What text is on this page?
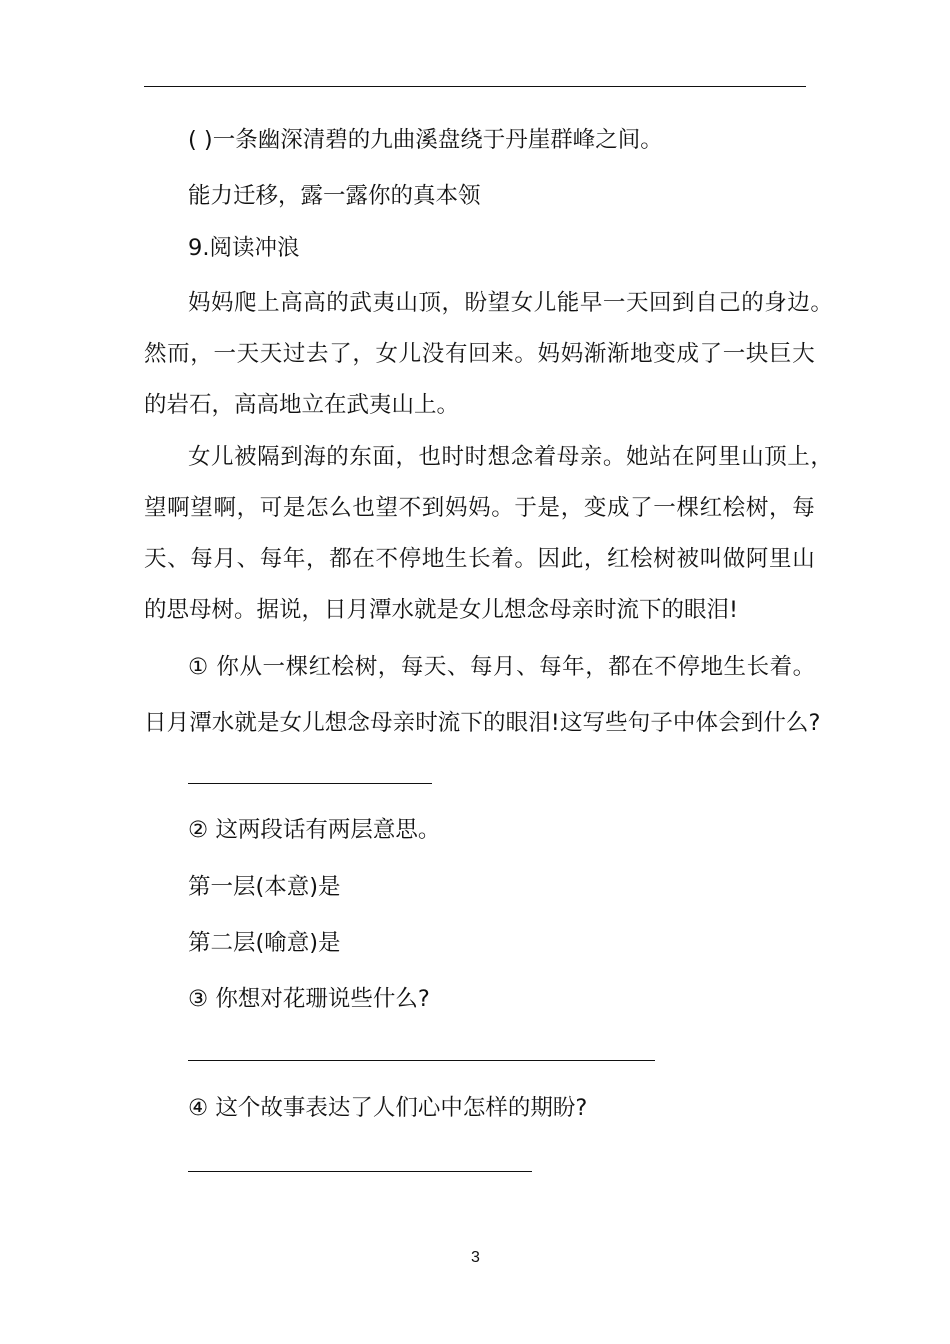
( )一条幽深清碧的九曲溪盘绕于丹崖群峰之间。
能力迁移，露一露你的真本领
9.阅读冲浪
妈妈爬上高高的武夷山顶，盼望女儿能早一天回到自己的身边。
然而，一天天过去了，女儿没有回来。妈妈渐渐地变成了一块巨大
的岩石，高高地立在武夷山上。
女儿被隔到海的东面，也时时想念着母亲。她站在阿里山顶上，
望啊望啊，可是怎么也望不到妈妈。于是，变成了一棵红桧树，每
天、每月、每年，都在不停地生长着。因此，红桧树被叫做阿里山
的思母树。据说，日月潭水就是女儿想念母亲时流下的眼泪!
① 你从一棵红桧树，每天、每月、每年，都在不停地生长着。
日月潭水就是女儿想念母亲时流下的眼泪!这写些句子中体会到什么?
② 这两段话有两层意思。
第一层(本意)是
第二层(喻意)是
③ 你想对花珊说些什么?
④ 这个故事表达了人们心中怎样的期盼?
3
